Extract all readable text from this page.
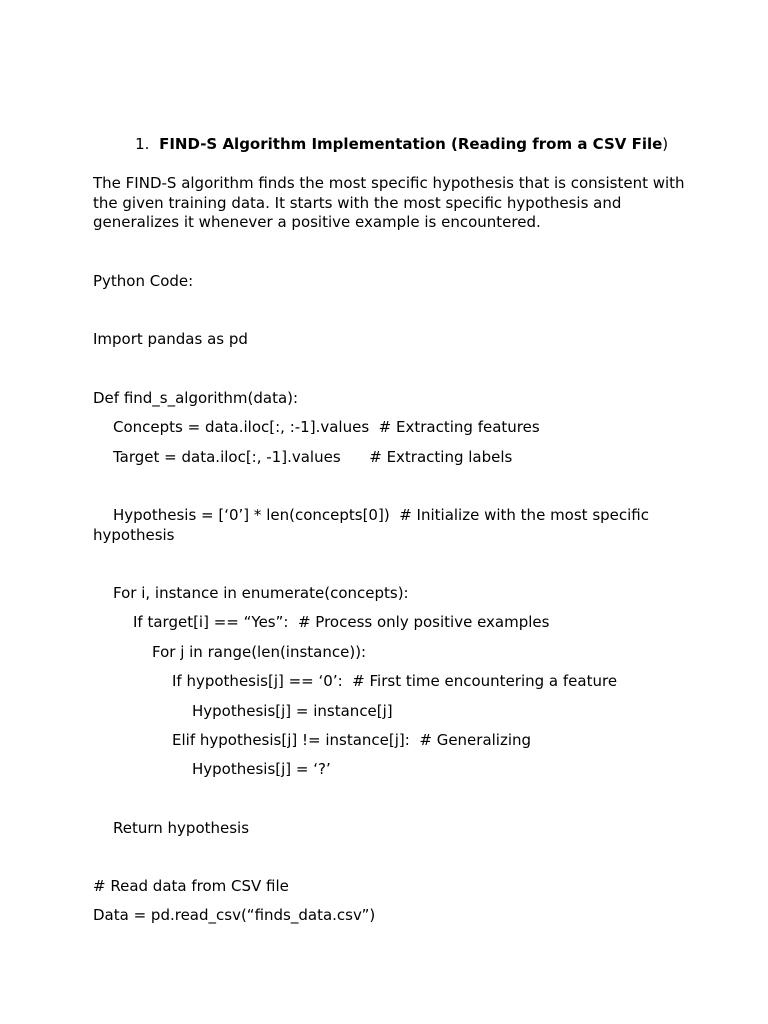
1. FIND-S Algorithm Implementation (Reading from a CSV File)

The FIND-S algorithm finds the most specific hypothesis that is consistent with the given training data. It starts with the most specific hypothesis and generalizes it whenever a positive example is encountered.
Python Code:
Import pandas as pd
Def find_s_algorithm(data):
Concepts = data.iloc[:, :-1].values  # Extracting features
Target = data.iloc[:, -1].values      # Extracting labels
Hypothesis = [‘0’] * len(concepts[0])  # Initialize with the most specific
hypothesis
For i, instance in enumerate(concepts):
If target[i] == “Yes”:  # Process only positive examples
For j in range(len(instance)):
If hypothesis[j] == ‘0’:  # First time encountering a feature
Hypothesis[j] = instance[j]
Elif hypothesis[j] != instance[j]:  # Generalizing
Hypothesis[j] = ‘?’
Return hypothesis
# Read data from CSV file
Data = pd.read_csv(“finds_data.csv”)
